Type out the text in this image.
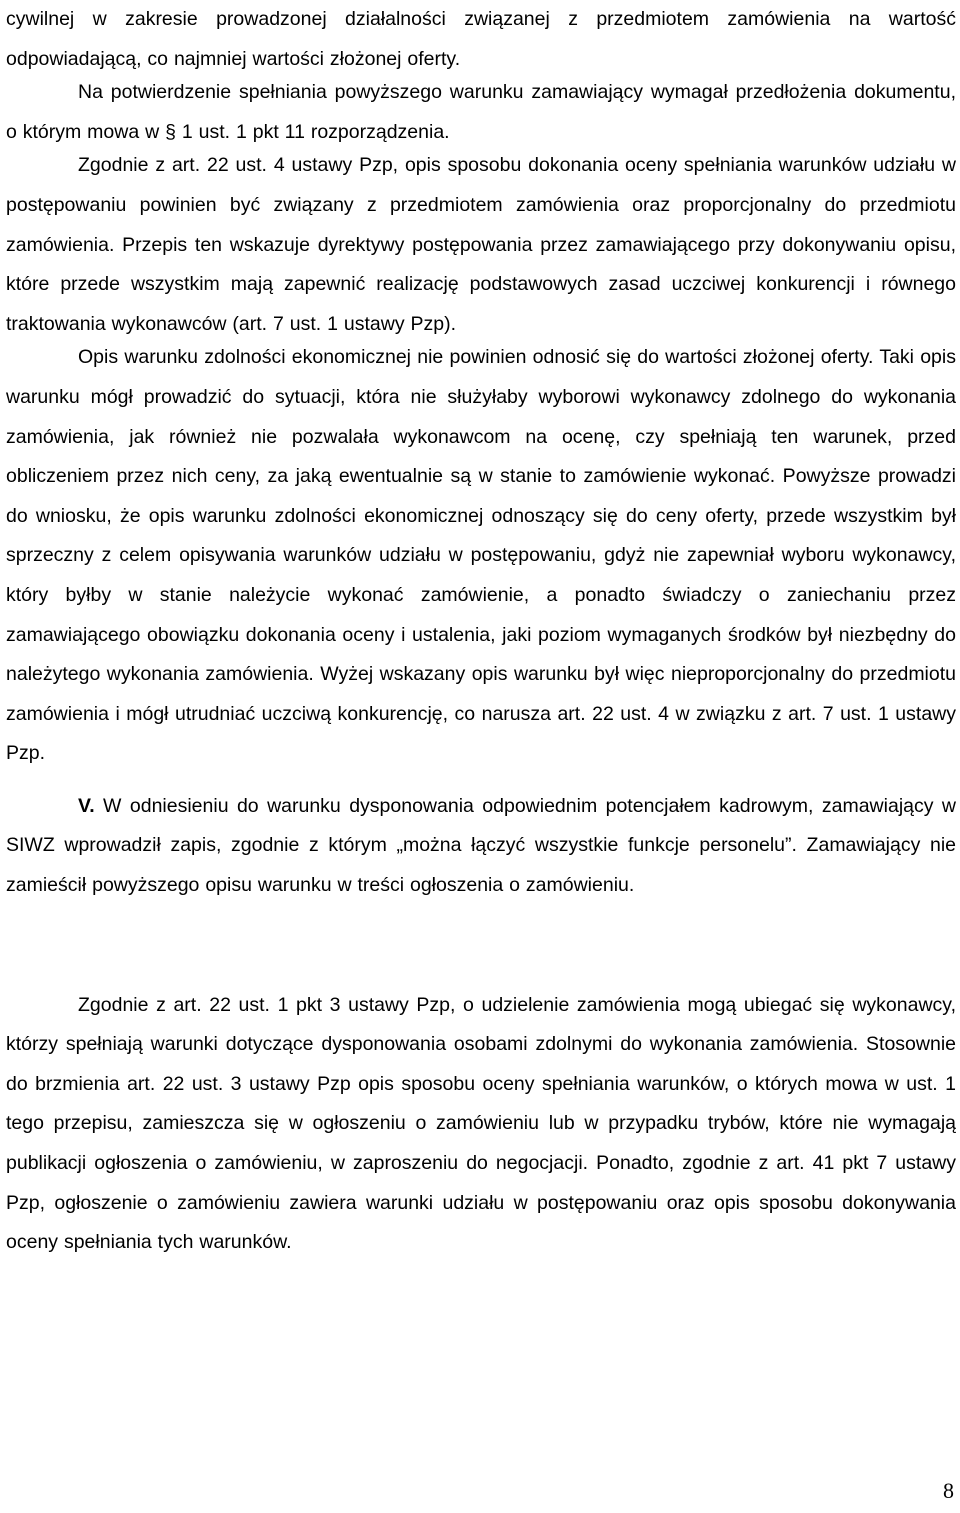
cywilnej w zakresie prowadzonej działalności związanej z przedmiotem zamówienia na wartość odpowiadającą, co najmniej wartości złożonej oferty.

Na potwierdzenie spełniania powyższego warunku zamawiający wymagał przedłożenia dokumentu, o którym mowa w § 1 ust. 1 pkt 11 rozporządzenia.

Zgodnie z art. 22 ust. 4 ustawy Pzp, opis sposobu dokonania oceny spełniania warunków udziału w postępowaniu powinien być związany z przedmiotem zamówienia oraz proporcjonalny do przedmiotu zamówienia. Przepis ten wskazuje dyrektywy postępowania przez zamawiającego przy dokonywaniu opisu, które przede wszystkim mają zapewnić realizację podstawowych zasad uczciwej konkurencji i równego traktowania wykonawców (art. 7 ust. 1 ustawy Pzp).

Opis warunku zdolności ekonomicznej nie powinien odnosić się do wartości złożonej oferty. Taki opis warunku mógł prowadzić do sytuacji, która nie służyłaby wyborowi wykonawcy zdolnego do wykonania zamówienia, jak również nie pozwalała wykonawcom na ocenę, czy spełniają ten warunek, przed obliczeniem przez nich ceny, za jaką ewentualnie są w stanie to zamówienie wykonać. Powyższe prowadzi do wniosku, że opis warunku zdolności ekonomicznej odnoszący się do ceny oferty, przede wszystkim był sprzeczny z celem opisywania warunków udziału w postępowaniu, gdyż nie zapewniał wyboru wykonawcy, który byłby w stanie należycie wykonać zamówienie, a ponadto świadczy o zaniechaniu przez zamawiającego obowiązku dokonania oceny i ustalenia, jaki poziom wymaganych środków był niezbędny do należytego wykonania zamówienia. Wyżej wskazany opis warunku był więc nieproporcjonalny do przedmiotu zamówienia i mógł utrudniać uczciwą konkurencję, co narusza art. 22 ust. 4 w związku z art. 7 ust. 1 ustawy Pzp.

V. W odniesieniu do warunku dysponowania odpowiednim potencjałem kadrowym, zamawiający w SIWZ wprowadził zapis, zgodnie z którym „można łączyć wszystkie funkcje personelu”. Zamawiający nie zamieścił powyższego opisu warunku w treści ogłoszenia o zamówieniu.

Zgodnie z art. 22 ust. 1 pkt 3 ustawy Pzp, o udzielenie zamówienia mogą ubiegać się wykonawcy, którzy spełniają warunki dotyczące dysponowania osobami zdolnymi do wykonania zamówienia. Stosownie do brzmienia art. 22 ust. 3 ustawy Pzp opis sposobu oceny spełniania warunków, o których mowa w ust. 1 tego przepisu, zamieszcza się w ogłoszeniu o zamówieniu lub w przypadku trybów, które nie wymagają publikacji ogłoszenia o zamówieniu, w zaproszeniu do negocjacji. Ponadto, zgodnie z art. 41 pkt 7 ustawy Pzp, ogłoszenie o zamówieniu zawiera warunki udziału w postępowaniu oraz opis sposobu dokonywania oceny spełniania tych warunków.

8
